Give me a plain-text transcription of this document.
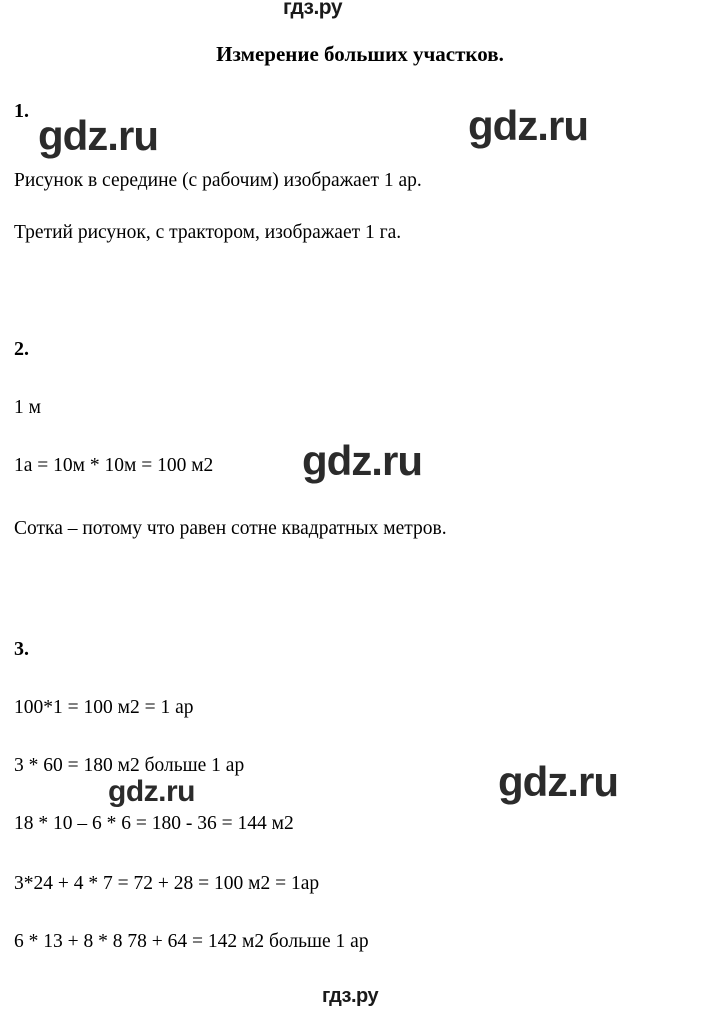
гдз.ру
Измерение больших участков.
1.
Рисунок в середине (с рабочим) изображает 1 ар.
Третий рисунок, с трактором, изображает 1 га.
2.
1 м
1а = 10м * 10м = 100 м2
Сотка – потому что равен сотне квадратных метров.
3.
100*1 = 100 м2 = 1 ар
3 * 60 = 180 м2 больше 1 ар
18 * 10 – 6 * 6 = 180 - 36 = 144 м2
3*24 + 4 * 7 = 72 + 28 = 100 м2 = 1ар
6 * 13 + 8 * 8 78 + 64 = 142 м2 больше 1 ар
gdz.ru	gdz.ru
gdz.ru
gdz.ru	gdz.ru
гдз.ру
